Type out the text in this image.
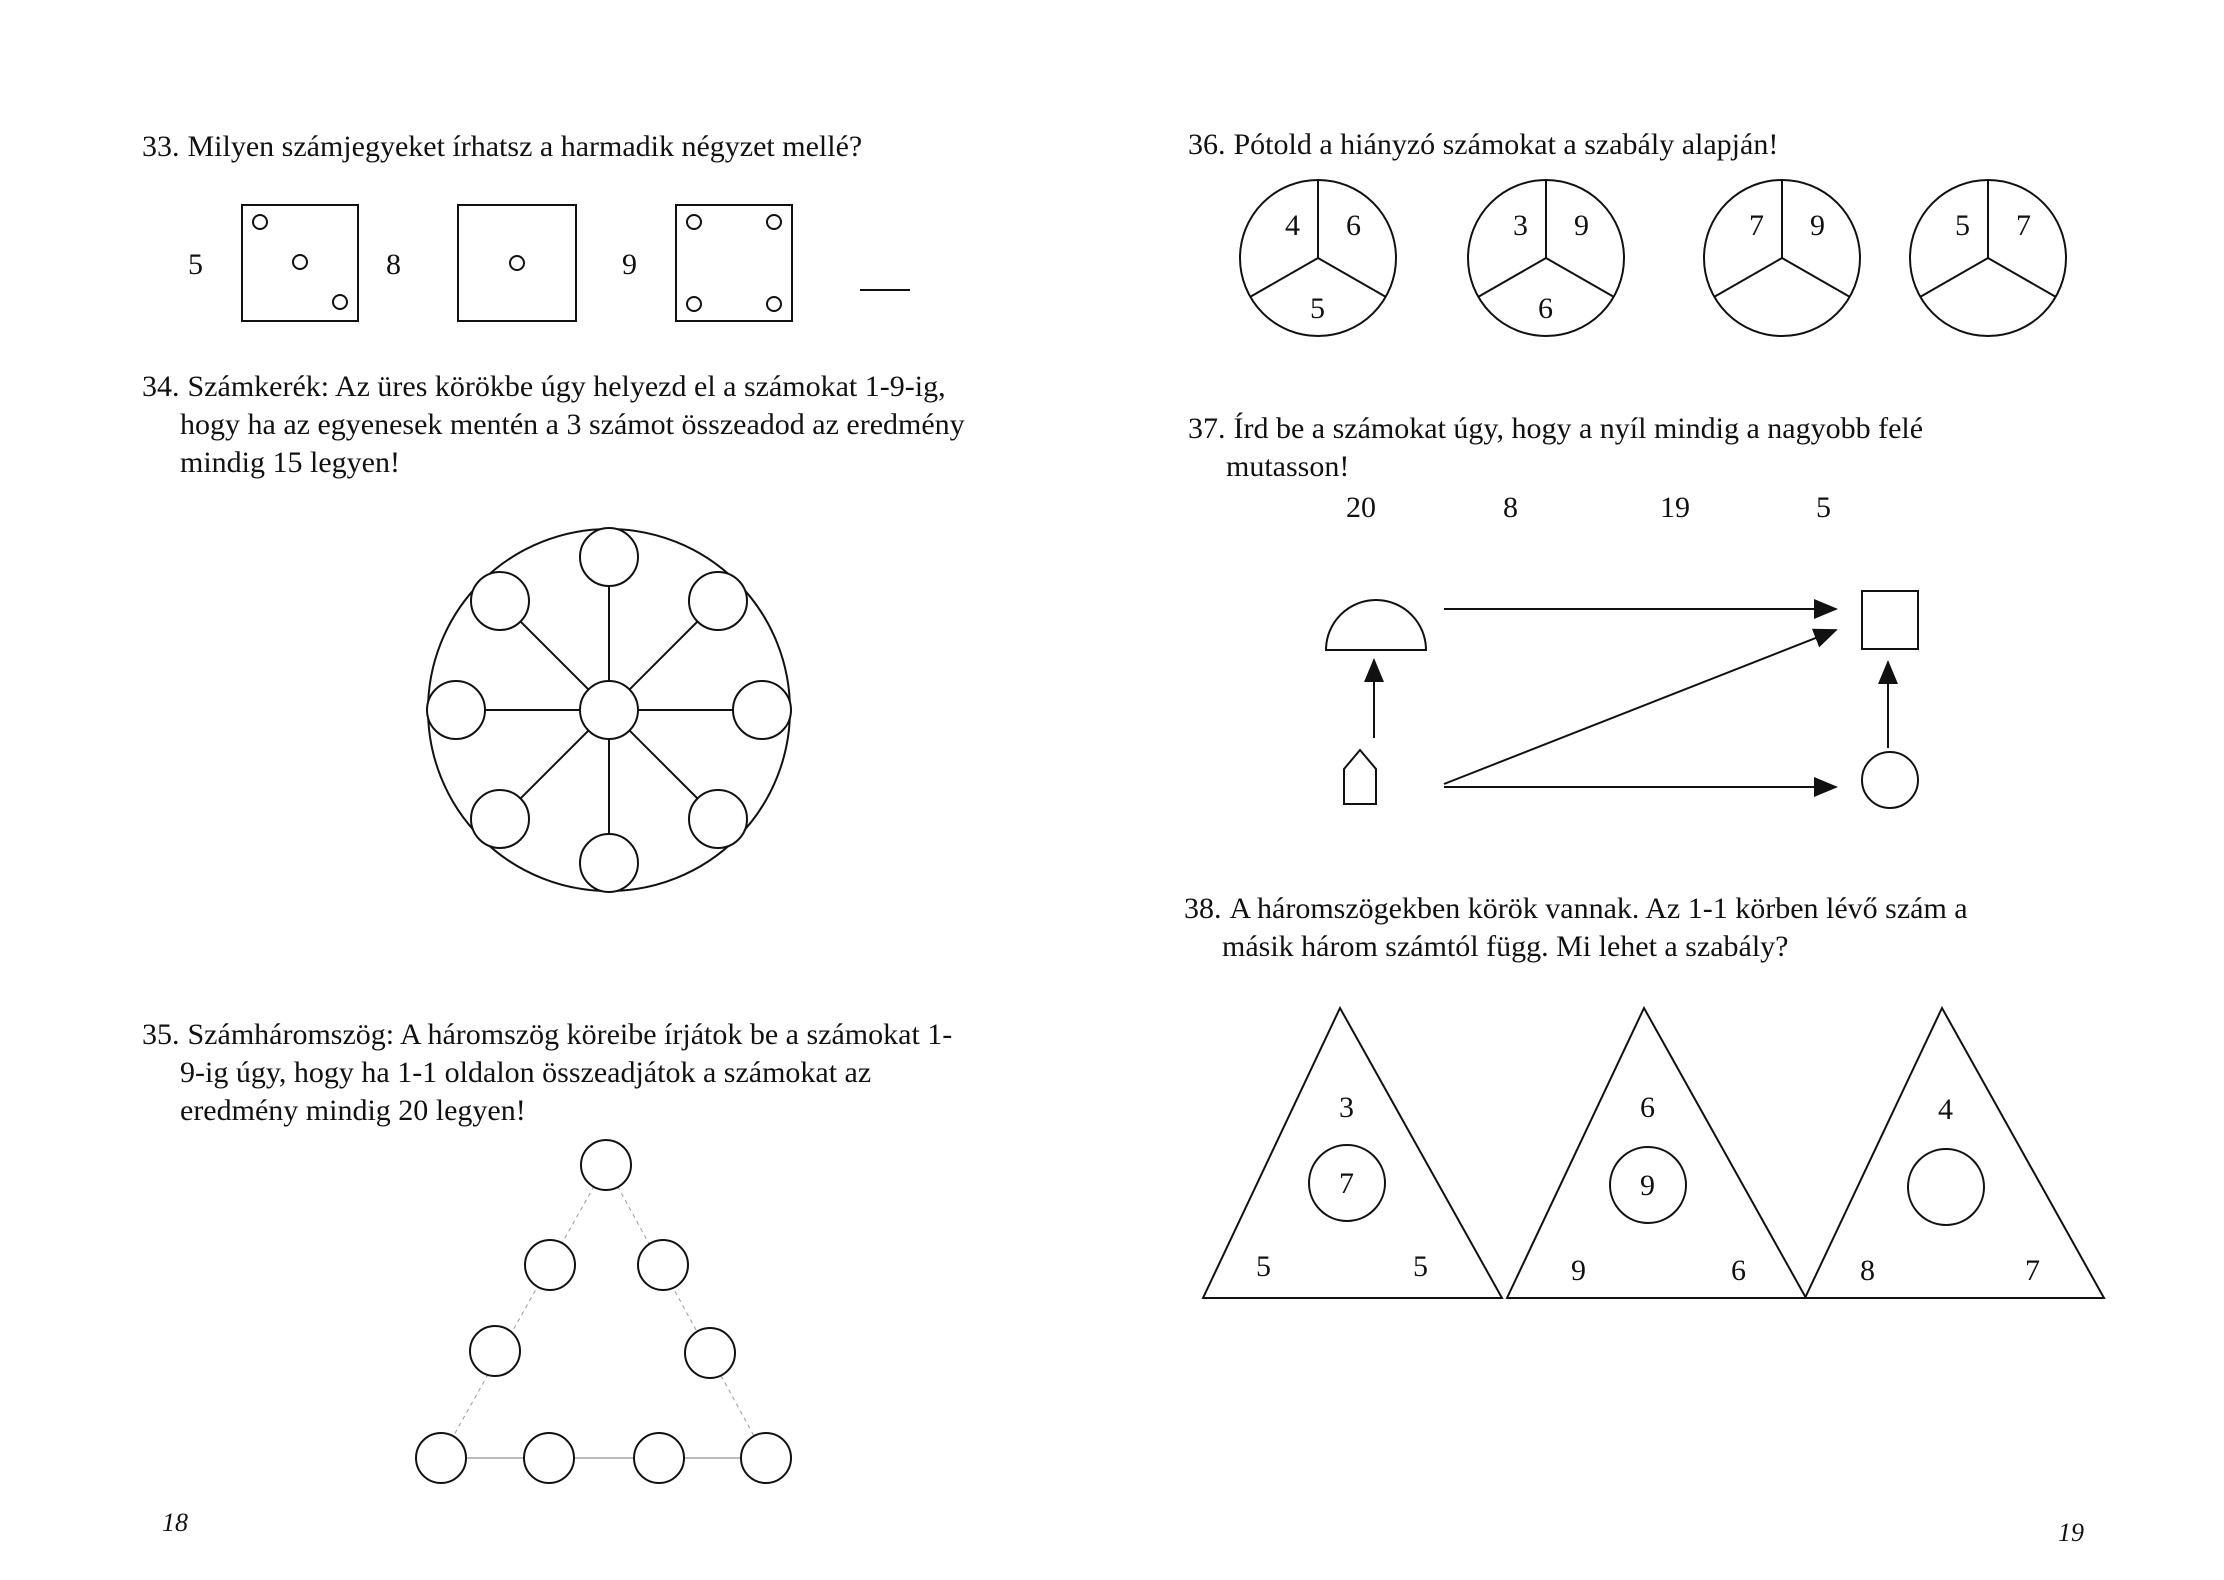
33. Milyen számjegyeket írhatsz a harmadik négyzet mellé?

34. Számkerék: Az üres körökbe úgy helyezd el a számokat 1-9-ig,

hogy ha az egyenesek mentén a 3 számot összeadod az eredmény

mindig 15 legyen!

35. Számháromszög: A háromszög köreibe írjátok be a számokat 1-

9-ig úgy, hogy ha 1-1 oldalon összeadjátok a számokat az

eredmény mindig 20 legyen!

5	8	9
18

36. Pótold a hiányzó számokat a szabály alapján!

37. Írd be a számokat úgy, hogy a nyíl mindig a nagyobb felé

mutasson!

38. A háromszögekben körök vannak. Az 1-1 körben lévő szám a

másik három számtól függ. Mi lehet a szabály?

4 6
5
3 9
6
7 9	5 7
20	8	19	5
3
7
5	5
6
9
9	6
4
8	7
19
